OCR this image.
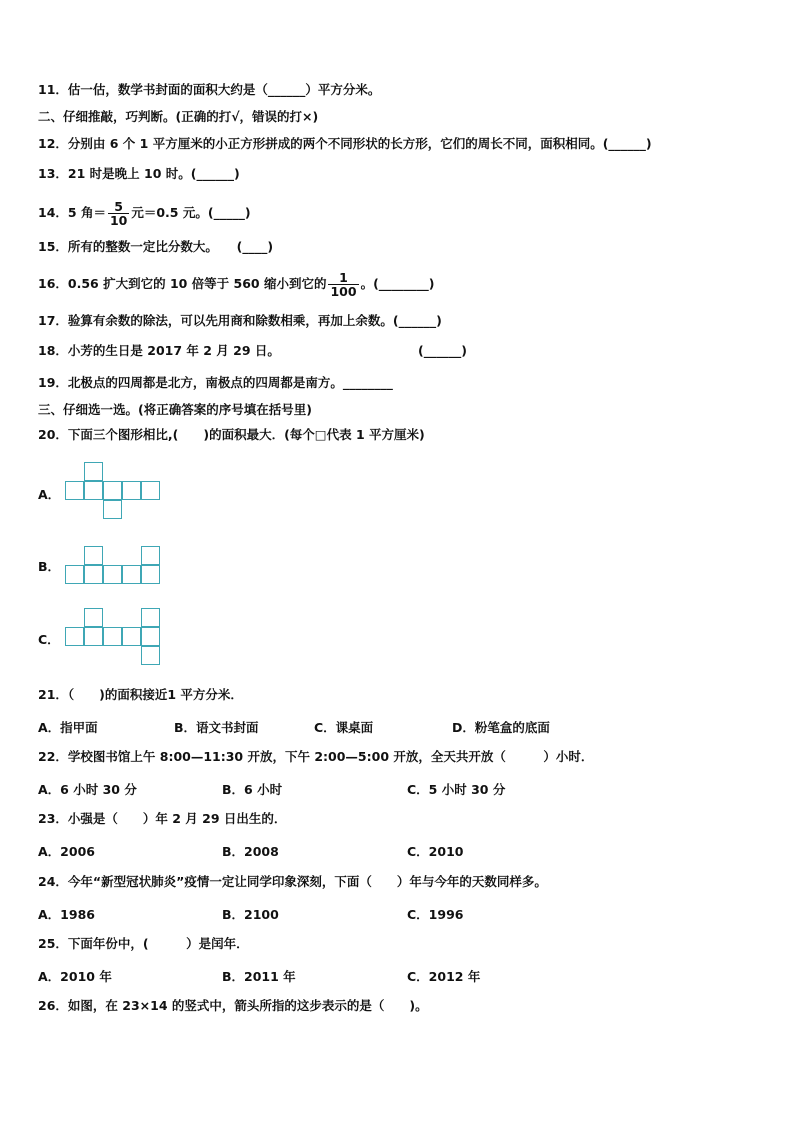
11．估一估，数学书封面的面积大约是（______）平方分米。
二、仔细推敲，巧判断。(正确的打√，错误的打×)
12．分别由 6 个 1 平方厘米的小正方形拼成的两个不同形状的长方形，它们的周长不同，面积相同。(______)
13．21 时是晚上 10 时。(______)
14．5 角＝ $\frac{5}{10}$ 元＝0.5 元。(_____)
15．所有的整数一定比分数大。　　(____)
16．0.56 扩大到它的 10 倍等于 560 缩小到它的 $\frac{1}{100}$ 。(________)
17．验算有余数的除法，可以先用商和除数相乘，再加上余数。(______)
18．小芳的生日是 2017 年 2 月 29 日。	(______)
19．北极点的四周都是北方，南极点的四周都是南方。________
三、仔细选一选。(将正确答案的序号填在括号里)
20．下面三个图形相比,(　　)的面积最大．(每个□代表 1 平方厘米)
A．
B．
C．
21．（　　)的面积接近1 平方分米．
A．指甲面	B．语文书封面	C．课桌面	D．粉笔盒的底面
22．学校图书馆上午 8:00—11:30 开放，下午 2:00—5:00 开放，全天共开放（　　　）小时．
A．6 小时 30 分	B．6 小时	C．5 小时 30 分
23．小强是（　　）年 2 月 29 日出生的．
A．2006	B．2008	C．2010
24．今年“新型冠状肺炎”疫情一定让同学印象深刻，下面（　　）年与今年的天数同样多。
A．1986	B．2100	C．1996
25．下面年份中，(　　　）是闰年．
A．2010 年	B．2011 年	C．2012 年
26．如图，在 23×14 的竖式中，箭头所指的这步表示的是（　　)。
